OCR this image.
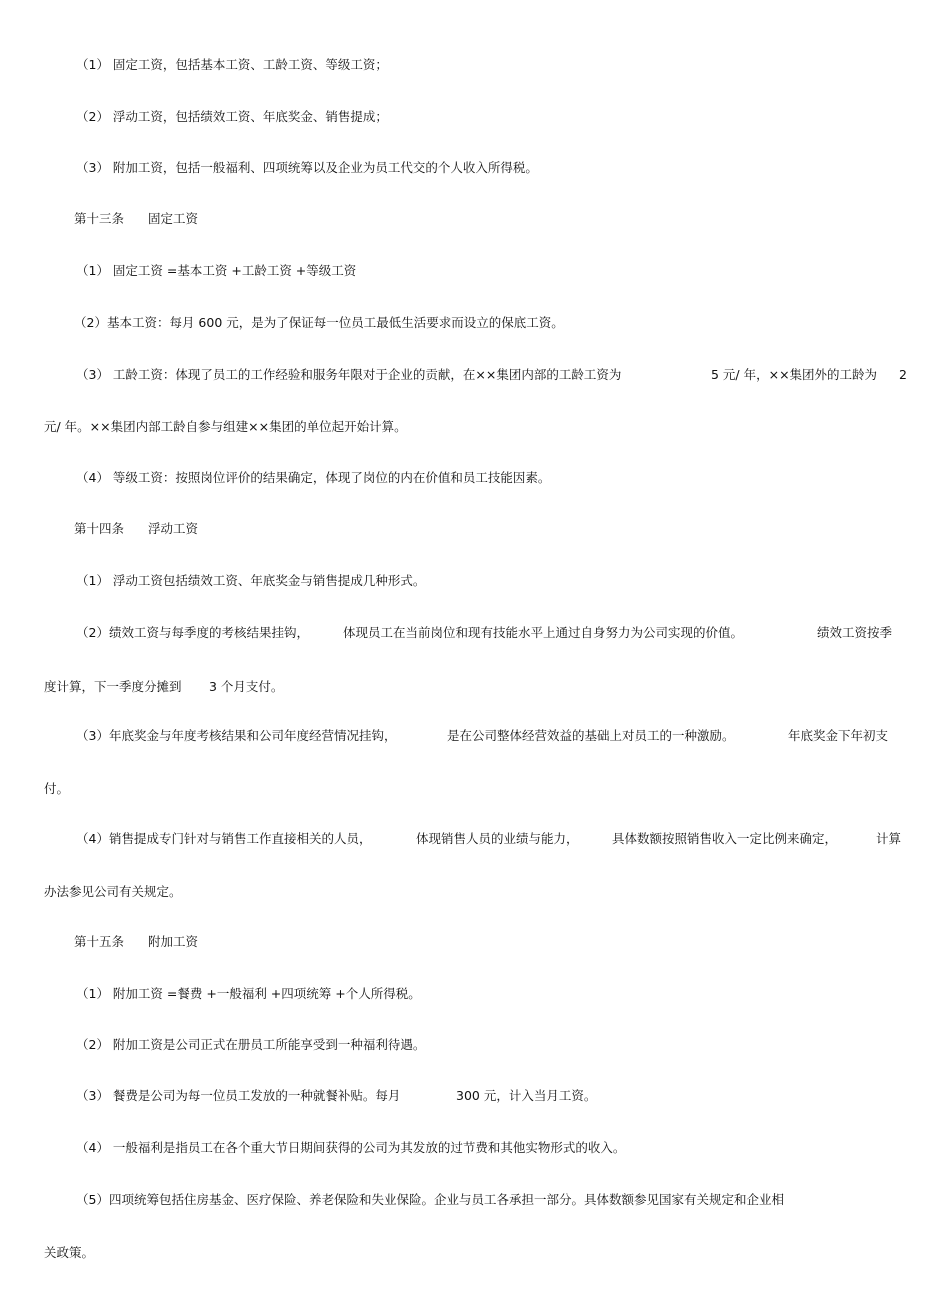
（1） 固定工资，包括基本工资、工龄工资、等级工资；
（2） 浮动工资，包括绩效工资、年底奖金、销售提成；
（3） 附加工资，包括一般福利、四项统筹以及企业为员工代交的个人收入所得税。
第十三条 固定工资
（1） 固定工资 =基本工资 +工龄工资 +等级工资
（2）基本工资：每月 600 元，是为了保证每一位员工最低生活要求而设立的保底工资。
（3） 工龄工资：体现了员工的工作经验和服务年限对于企业的贡献，在××集团内部的工龄工资为	5 元/ 年，××集团外的工龄为 2
元/ 年。××集团内部工龄自参与组建××集团的单位起开始计算。
（4） 等级工资：按照岗位评价的结果确定，体现了岗位的内在价值和员工技能因素。
第十四条 浮动工资
（1） 浮动工资包括绩效工资、年底奖金与销售提成几种形式。
（2）绩效工资与每季度的考核结果挂钩，	体现员工在当前岗位和现有技能水平上通过自身努力为公司实现的价值。	绩效工资按季
度计算，下一季度分摊到 3 个月支付。
（3）年底奖金与年度考核结果和公司年度经营情况挂钩，	是在公司整体经营效益的基础上对员工的一种激励。	年底奖金下年初支
付。
（4）销售提成专门针对与销售工作直接相关的人员，	体现销售人员的业绩与能力，	具体数额按照销售收入一定比例来确定，	计算
办法参见公司有关规定。
第十五条 附加工资
（1） 附加工资 =餐费 +一般福利 +四项统筹 +个人所得税。
（2） 附加工资是公司正式在册员工所能享受到一种福利待遇。
（3） 餐费是公司为每一位员工发放的一种就餐补贴。每月	300 元，计入当月工资。
（4） 一般福利是指员工在各个重大节日期间获得的公司为其发放的过节费和其他实物形式的收入。
（5）四项统筹包括住房基金、医疗保险、养老保险和失业保险。企业与员工各承担一部分。具体数额参见国家有关规定和企业相
关政策。
